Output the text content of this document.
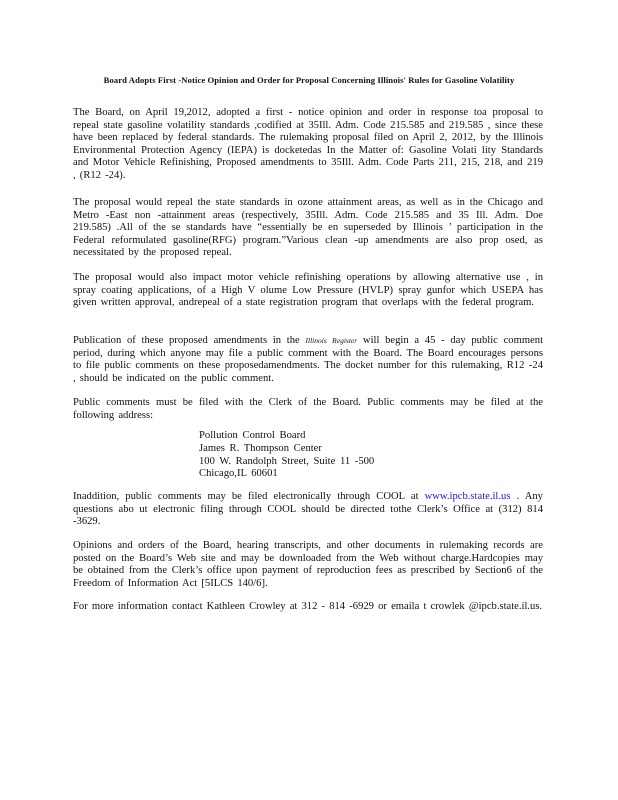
Board Adopts First -Notice Opinion and Order for Proposal Concerning Illinois' Rules for Gasoline Volatility
The Board, on April 19,2012, adopted a first - notice opinion and order in response toa proposal to repeal state gasoline volatility standards ,codified at 35Ill. Adm. Code 215.585 and 219.585 , since these have been replaced by federal standards. The rulemaking proposal filed on April 2, 2012, by the Illinois Environmental Protection Agency (IEPA) is docketedas In the Matter of: Gasoline Volati lity Standards and Motor Vehicle Refinishing, Proposed amendments to 35Ill. Adm. Code Parts 211, 215, 218, and 219 , (R12 -24).
The proposal would repeal the state standards in ozone attainment areas, as well as in the Chicago and Metro -East non -attainment areas (respectively, 35Ill. Adm. Code 215.585 and 35 Ill. Adm. Doe 219.585) .All of the se standards have “essentially be en superseded by Illinois ’ participation in the Federal reformulated gasoline(RFG) program.”Various clean -up amendments are also prop osed, as necessitated by the proposed repeal.
The proposal would also impact motor vehicle refinishing operations by allowing alternative use , in spray coating applications, of a High V olume Low Pressure (HVLP) spray gunfor which USEPA has given written approval, andrepeal of a state registration program that overlaps with the federal program.
Publication of these proposed amendments in the Illinois Register will begin a 45 - day public comment period, during which anyone may file a public comment with the Board. The Board encourages persons to file public comments on these proposedamendments. The docket number for this rulemaking, R12 -24 , should be indicated on the public comment.
Public comments must be filed with the Clerk of the Board. Public comments may be filed at the following address:
Pollution Control Board
James R. Thompson Center
100 W. Randolph Street, Suite 11 -500
Chicago,IL 60601
Inaddition, public comments may be filed electronically through COOL at www.ipcb.state.il.us . Any questions abo ut electronic filing through COOL should be directed tothe Clerk’s Office at (312) 814 -3629.
Opinions and orders of the Board, hearing transcripts, and other documents in rulemaking records are posted on the Board’s Web site and may be downloaded from the Web without charge.Hardcopies may be obtained from the Clerk’s office upon payment of reproduction fees as prescribed by Section6 of the Freedom of Information Act [5ILCS 140/6].
For more information contact Kathleen Crowley at 312 - 814 -6929 or emaila t crowlek @ipcb.state.il.us.
